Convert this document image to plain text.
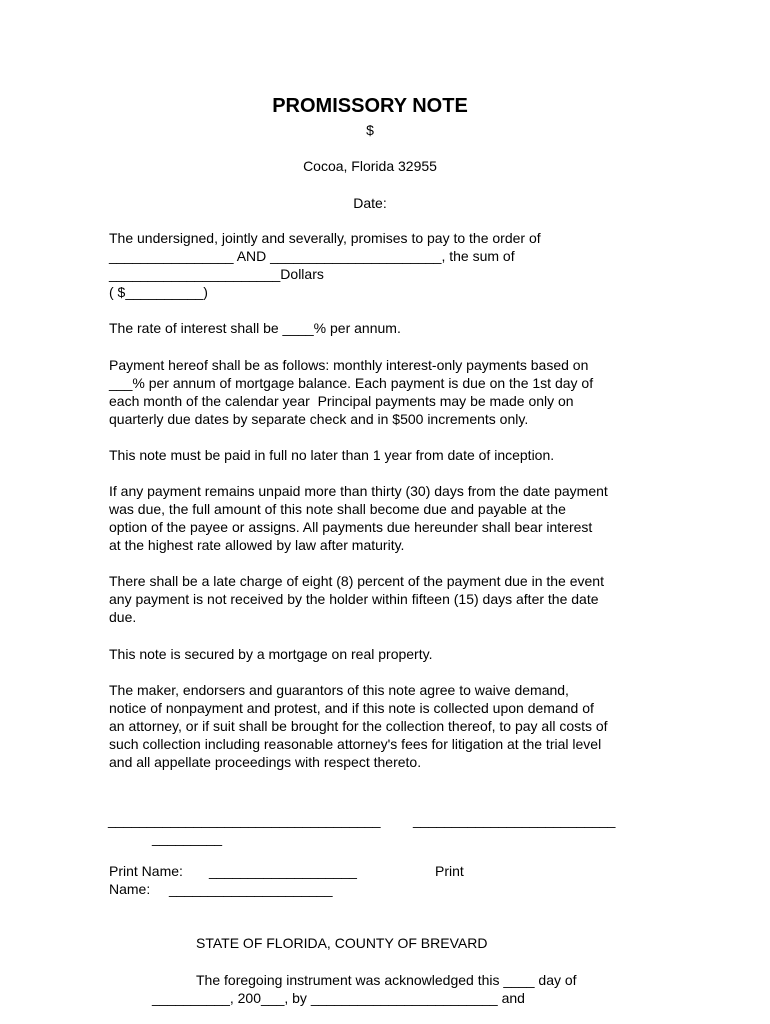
PROMISSORY NOTE
$
Cocoa, Florida 32955
Date:
The undersigned, jointly and severally, promises to pay to the order of
________________ AND ______________________, the sum of
______________________Dollars
( $__________)
The rate of interest shall be ____% per annum.
Payment hereof shall be as follows: monthly interest-only payments based on
___% per annum of mortgage balance. Each payment is due on the 1st day of
each month of the calendar year  Principal payments may be made only on
quarterly due dates by separate check and in $500 increments only.
This note must be paid in full no later than 1 year from date of inception.
If any payment remains unpaid more than thirty (30) days from the date payment
was due, the full amount of this note shall become due and payable at the
option of the payee or assigns. All payments due hereunder shall bear interest
at the highest rate allowed by law after maturity.
There shall be a late charge of eight (8) percent of the payment due in the event
any payment is not received by the holder within fifteen (15) days after the date
due.
This note is secured by a mortgage on real property.
The maker, endorsers and guarantors of this note agree to waive demand,
notice of nonpayment and protest, and if this note is collected upon demand of
an attorney, or if suit shall be brought for the collection thereof, to pay all costs of
such collection including reasonable attorney's fees for litigation at the trial level
and all appellate proceedings with respect thereto.
___________________________________ __________________________
_________
Print Name: ___________________	Print
Name: _____________________
STATE OF FLORIDA, COUNTY OF BREVARD
The foregoing instrument was acknowledged this ____ day of
__________, 200___, by ________________________ and
